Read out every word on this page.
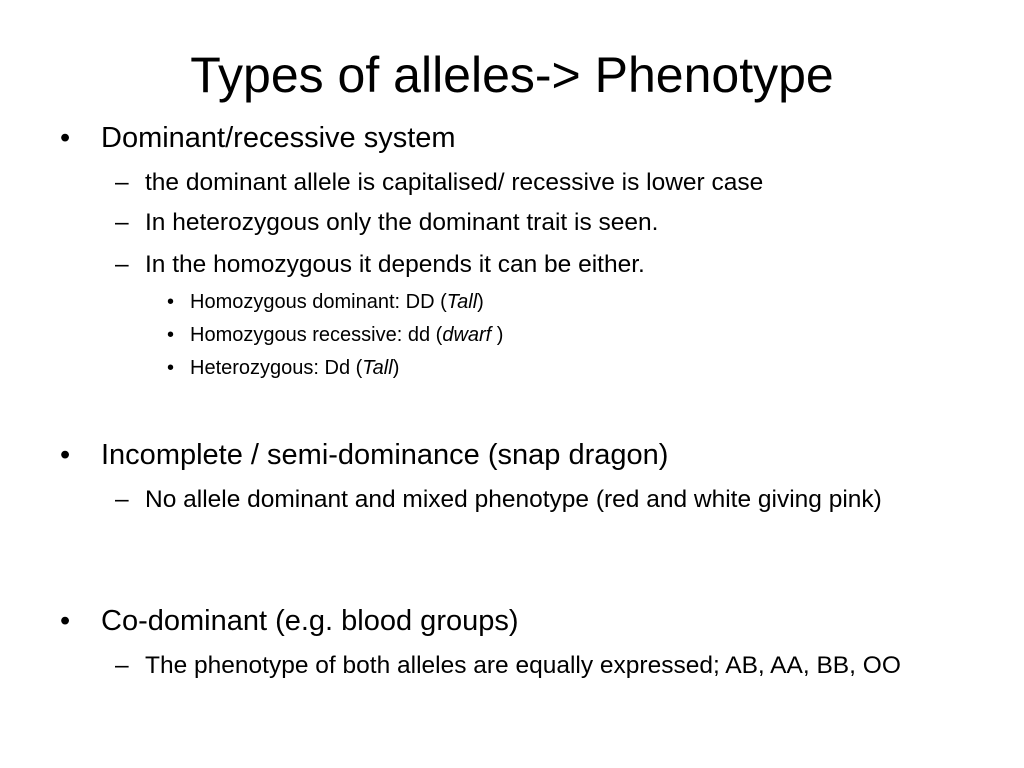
Types of alleles-> Phenotype
• Dominant/recessive system
– the dominant allele is capitalised/ recessive is lower case
– In heterozygous only the dominant trait is seen.
– In the homozygous it depends it can be either.
• Homozygous dominant: DD (Tall)
• Homozygous recessive: dd (dwarf )
• Heterozygous: Dd (Tall)
• Incomplete / semi-dominance (snap dragon)
– No allele dominant and mixed phenotype (red and white giving pink)
• Co-dominant (e.g. blood groups)
– The phenotype of both alleles are equally expressed; AB, AA, BB, OO
